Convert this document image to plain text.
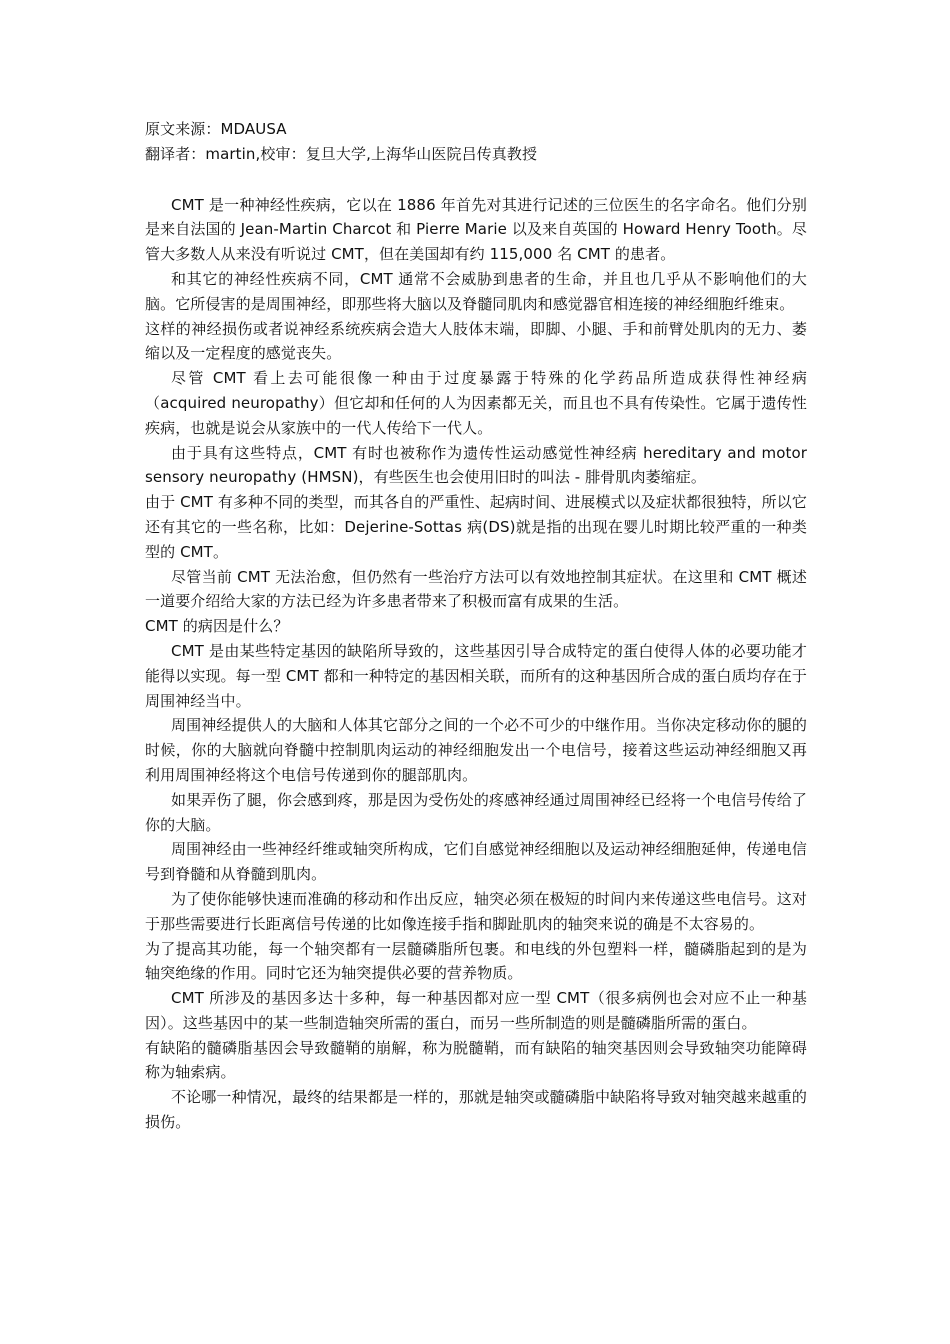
原文来源：MDAUSA

翻译者：martin,校审：复旦大学,上海华山医院吕传真教授

CMT 是一种神经性疾病，它以在 1886 年首先对其进行记述的三位医生的名字命名。他们分别是来自法国的 Jean-Martin Charcot 和 Pierre Marie 以及来自英国的 Howard Henry Tooth。尽管大多数人从来没有听说过 CMT，但在美国却有约 115,000 名 CMT 的患者。

和其它的神经性疾病不同，CMT 通常不会威胁到患者的生命，并且也几乎从不影响他们的大脑。它所侵害的是周围神经，即那些将大脑以及脊髓同肌肉和感觉器官相连接的神经细胞纤维束。

这样的神经损伤或者说神经系统疾病会造大人肢体末端，即脚、小腿、手和前臂处肌肉的无力、萎缩以及一定程度的感觉丧失。

尽管 CMT 看上去可能很像一种由于过度暴露于特殊的化学药品所造成获得性神经病（acquired neuropathy）但它却和任何的人为因素都无关，而且也不具有传染性。它属于遗传性疾病，也就是说会从家族中的一代人传给下一代人。

由于具有这些特点，CMT 有时也被称作为遗传性运动感觉性神经病 hereditary and motor sensory neuropathy (HMSN)，有些医生也会使用旧时的叫法 - 腓骨肌肉萎缩症。

由于 CMT 有多种不同的类型，而其各自的严重性、起病时间、进展模式以及症状都很独特，所以它还有其它的一些名称，比如：Dejerine-Sottas 病(DS)就是指的出现在婴儿时期比较严重的一种类型的 CMT。

尽管当前 CMT 无法治愈，但仍然有一些治疗方法可以有效地控制其症状。在这里和 CMT 概述一道要介绍给大家的方法已经为许多患者带来了积极而富有成果的生活。

CMT 的病因是什么？

CMT 是由某些特定基因的缺陷所导致的，这些基因引导合成特定的蛋白使得人体的必要功能才能得以实现。每一型 CMT 都和一种特定的基因相关联，而所有的这种基因所合成的蛋白质均存在于周围神经当中。

周围神经提供人的大脑和人体其它部分之间的一个必不可少的中继作用。当你决定移动你的腿的时候，你的大脑就向脊髓中控制肌肉运动的神经细胞发出一个电信号，接着这些运动神经细胞又再利用周围神经将这个电信号传递到你的腿部肌肉。

如果弄伤了腿，你会感到疼，那是因为受伤处的疼感神经通过周围神经已经将一个电信号传给了你的大脑。

周围神经由一些神经纤维或轴突所构成，它们自感觉神经细胞以及运动神经细胞延伸，传递电信号到脊髓和从脊髓到肌肉。

为了使你能够快速而准确的移动和作出反应，轴突必须在极短的时间内来传递这些电信号。这对于那些需要进行长距离信号传递的比如像连接手指和脚趾肌肉的轴突来说的确是不太容易的。

为了提高其功能，每一个轴突都有一层髓磷脂所包裹。和电线的外包塑料一样，髓磷脂起到的是为轴突绝缘的作用。同时它还为轴突提供必要的营养物质。

CMT 所涉及的基因多达十多种，每一种基因都对应一型 CMT（很多病例也会对应不止一种基因）。这些基因中的某一些制造轴突所需的蛋白，而另一些所制造的则是髓磷脂所需的蛋白。

有缺陷的髓磷脂基因会导致髓鞘的崩解，称为脱髓鞘，而有缺陷的轴突基因则会导致轴突功能障碍称为轴索病。

不论哪一种情况，最终的结果都是一样的，那就是轴突或髓磷脂中缺陷将导致对轴突越来越重的损伤。
